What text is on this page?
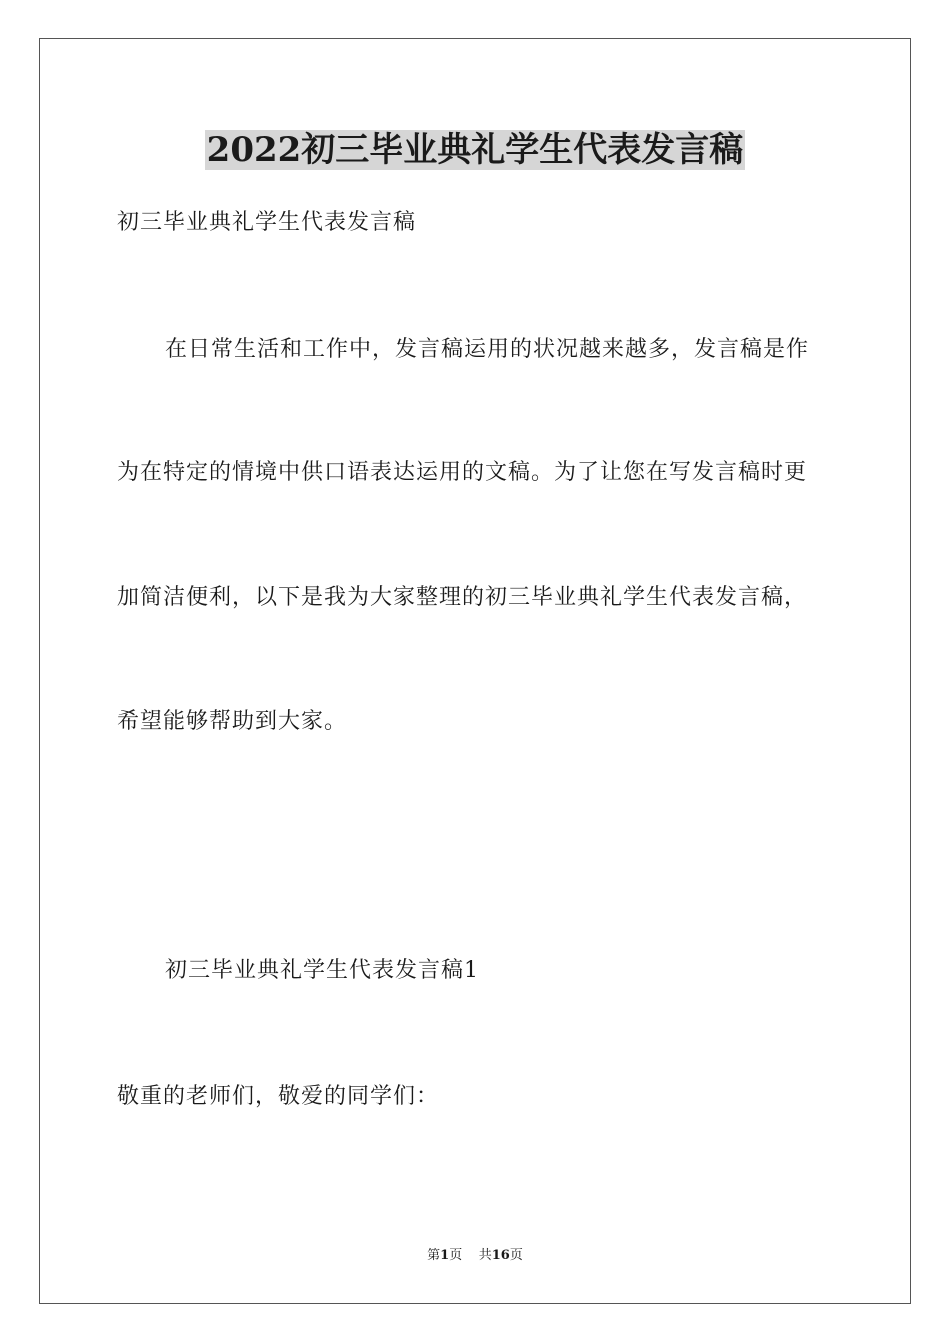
2022初三毕业典礼学生代表发言稿
初三毕业典礼学生代表发言稿
在日常生活和工作中，发言稿运用的状况越来越多，发言稿是作
为在特定的情境中供口语表达运用的文稿。为了让您在写发言稿时更
加简洁便利，以下是我为大家整理的初三毕业典礼学生代表发言稿，
希望能够帮助到大家。
初三毕业典礼学生代表发言稿1
敬重的老师们，敬爱的同学们：
第1页 共16页
